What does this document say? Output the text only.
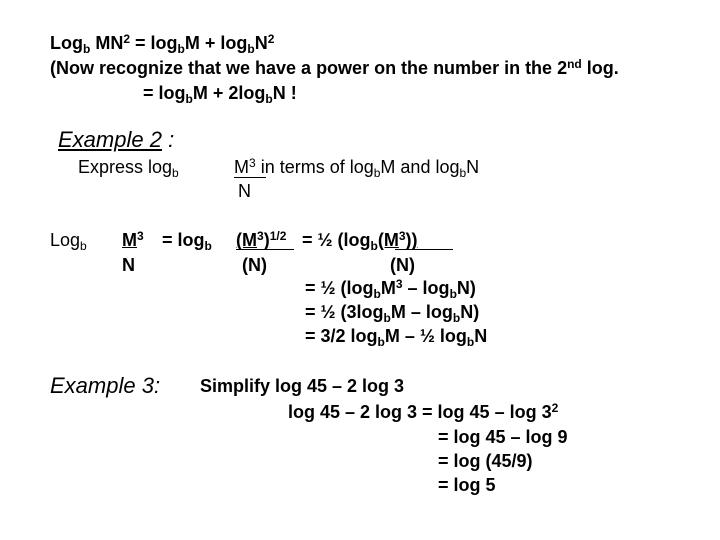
Log$_b$ $MN^2 = \log_bM + \log_bN^2$
(Now recognize that we have a power on the number in the 2nd log.
= $\log_bM + 2\log_bN$ !
Example 2 :
Express $\log_b$	$M^3$ in terms of $\log_bM$ and $\log_bN$
N
Log$_b$ $M^3 = \log_b (M^3)^{1/2}$ = ½ $(\log_b(M^3))$
N	(N)	(N)
= ½ $(\log_bM^3 - \log_bN)$
= ½ $(3\log_bM - \log_bN)$
= 3/2 $\log_bM$ – ½ $\log_bN$
Example 3: Simplify log 45 – 2 log 3
log 45 – 2 $\log 3 = \log 45 - \log 3^2$
= log 45 – log 9
= log (45/9)
= log 5
